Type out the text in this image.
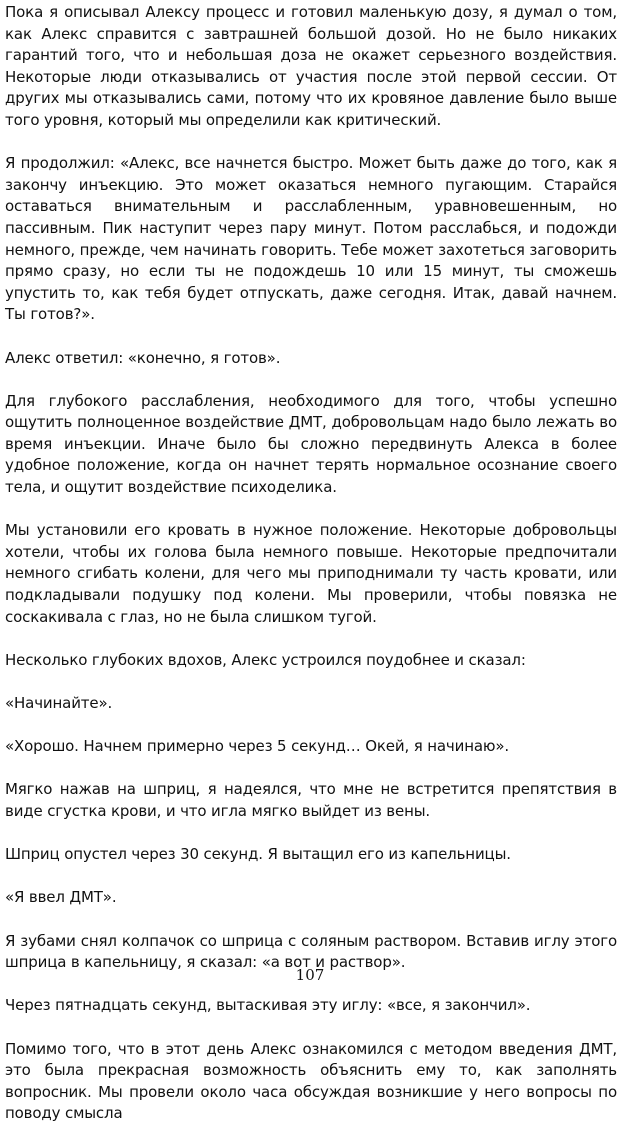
Пока я описывал Алексу процесс и готовил маленькую дозу, я думал о том, как Алекс справится с завтрашней большой дозой. Но не было никаких гарантий того, что и небольшая доза не окажет серьезного воздействия. Некоторые люди отказывались от участия после этой первой сессии. От других мы отказывались сами, потому что их кровяное давление было выше того уровня, который мы определили как критический.

Я продолжил: «Алекс, все начнется быстро. Может быть даже до того, как я закончу инъекцию. Это может оказаться немного пугающим. Старайся оставаться внимательным и расслабленным, уравновешенным, но пассивным. Пик наступит через пару минут. Потом расслабься, и подожди немного, прежде, чем начинать говорить. Тебе может захотеться заговорить прямо сразу, но если ты не подождешь 10 или 15 минут, ты сможешь упустить то, как тебя будет отпускать, даже сегодня. Итак, давай начнем. Ты готов?».

Алекс ответил: «конечно, я готов».

Для глубокого расслабления, необходимого для того, чтобы успешно ощутить полноценное воздействие ДМТ, добровольцам надо было лежать во время инъекции. Иначе было бы сложно передвинуть Алекса в более удобное положение, когда он начнет терять нормальное осознание своего тела, и ощутит воздействие психоделика.

Мы установили его кровать в нужное положение. Некоторые добровольцы хотели, чтобы их голова была немного повыше. Некоторые предпочитали немного сгибать колени, для чего мы приподнимали ту часть кровати, или подкладывали подушку под колени. Мы проверили, чтобы повязка не соскакивала с глаз, но не была слишком тугой.

Несколько глубоких вдохов, Алекс устроился поудобнее и сказал:

«Начинайте».

«Хорошо. Начнем примерно через 5 секунд… Окей, я начинаю».

Мягко нажав на шприц, я надеялся, что мне не встретится препятствия в виде сгустка крови, и что игла мягко выйдет из вены.

Шприц опустел через 30 секунд. Я вытащил его из капельницы.

«Я ввел ДМТ».

Я зубами снял колпачок со шприца с соляным раствором. Вставив иглу этого шприца в капельницу, я сказал: «а вот и раствор».

Через пятнадцать секунд, вытаскивая эту иглу: «все, я закончил».

Помимо того, что в этот день Алекс ознакомился с методом введения ДМТ, это была прекрасная возможность объяснить ему то, как заполнять вопросник. Мы провели около часа обсуждая возникшие у него вопросы по поводу смысла

107
